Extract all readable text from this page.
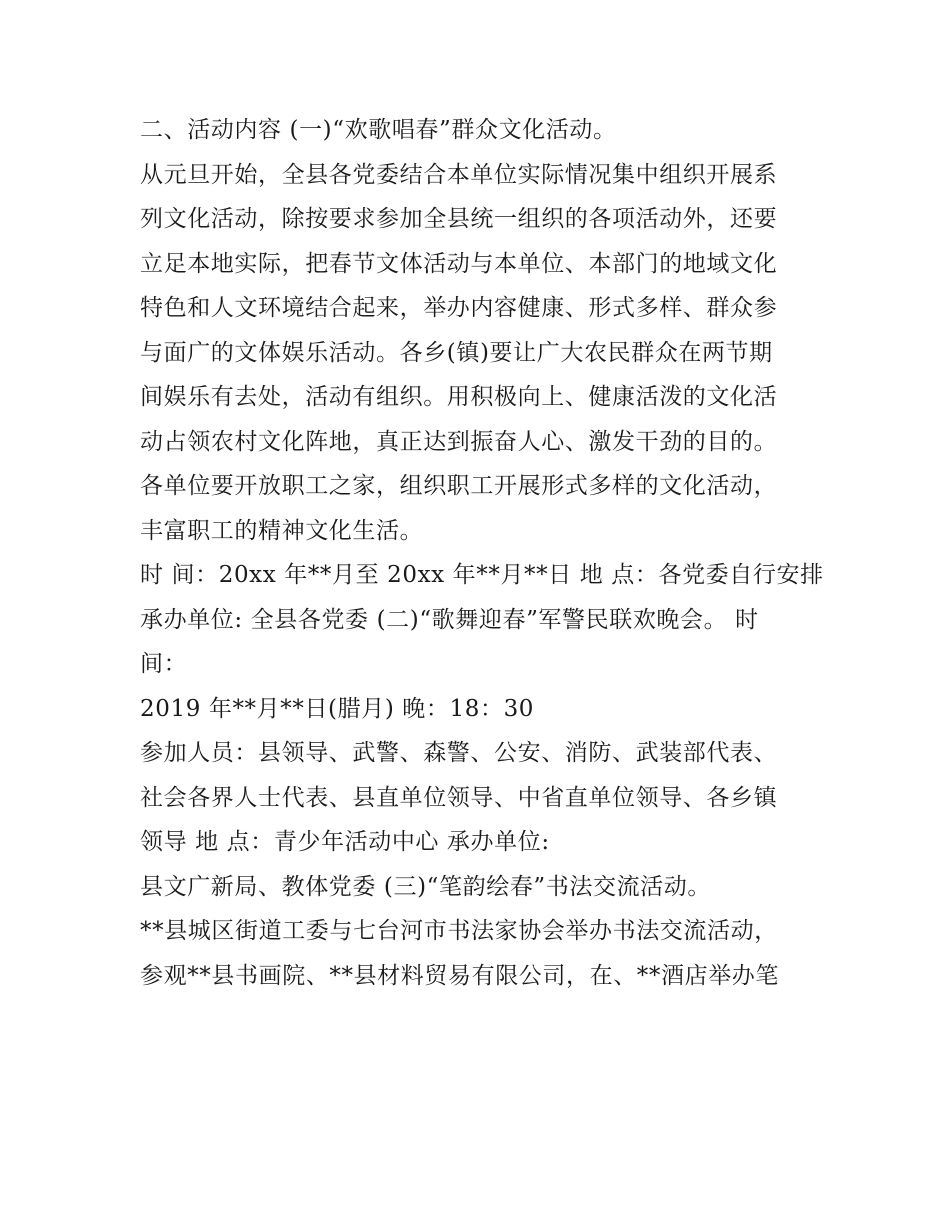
二、活动内容 (一)“欢歌唱春”群众文化活动。
从元旦开始，全县各党委结合本单位实际情况集中组织开展系
列文化活动，除按要求参加全县统一组织的各项活动外，还要
立足本地实际，把春节文体活动与本单位、本部门的地域文化
特色和人文环境结合起来，举办内容健康、形式多样、群众参
与面广的文体娱乐活动。各乡(镇)要让广大农民群众在两节期
间娱乐有去处，活动有组织。用积极向上、健康活泼的文化活
动占领农村文化阵地，真正达到振奋人心、激发干劲的目的。
各单位要开放职工之家，组织职工开展形式多样的文化活动，
丰富职工的精神文化生活。
时 间：20xx 年**月至 20xx 年**月**日 地 点：各党委自行安排
承办单位: 全县各党委 (二)“歌舞迎春”军警民联欢晚会。 时
间：
2019 年**月**日(腊月) 晚：18：30
参加人员：县领导、武警、森警、公安、消防、武装部代表、
社会各界人士代表、县直单位领导、中省直单位领导、各乡镇
领导 地 点：青少年活动中心 承办单位:
县文广新局、教体党委 (三)“笔韵绘春”书法交流活动。
**县城区街道工委与七台河市书法家协会举办书法交流活动，
参观**县书画院、**县材料贸易有限公司，在、**酒店举办笔
